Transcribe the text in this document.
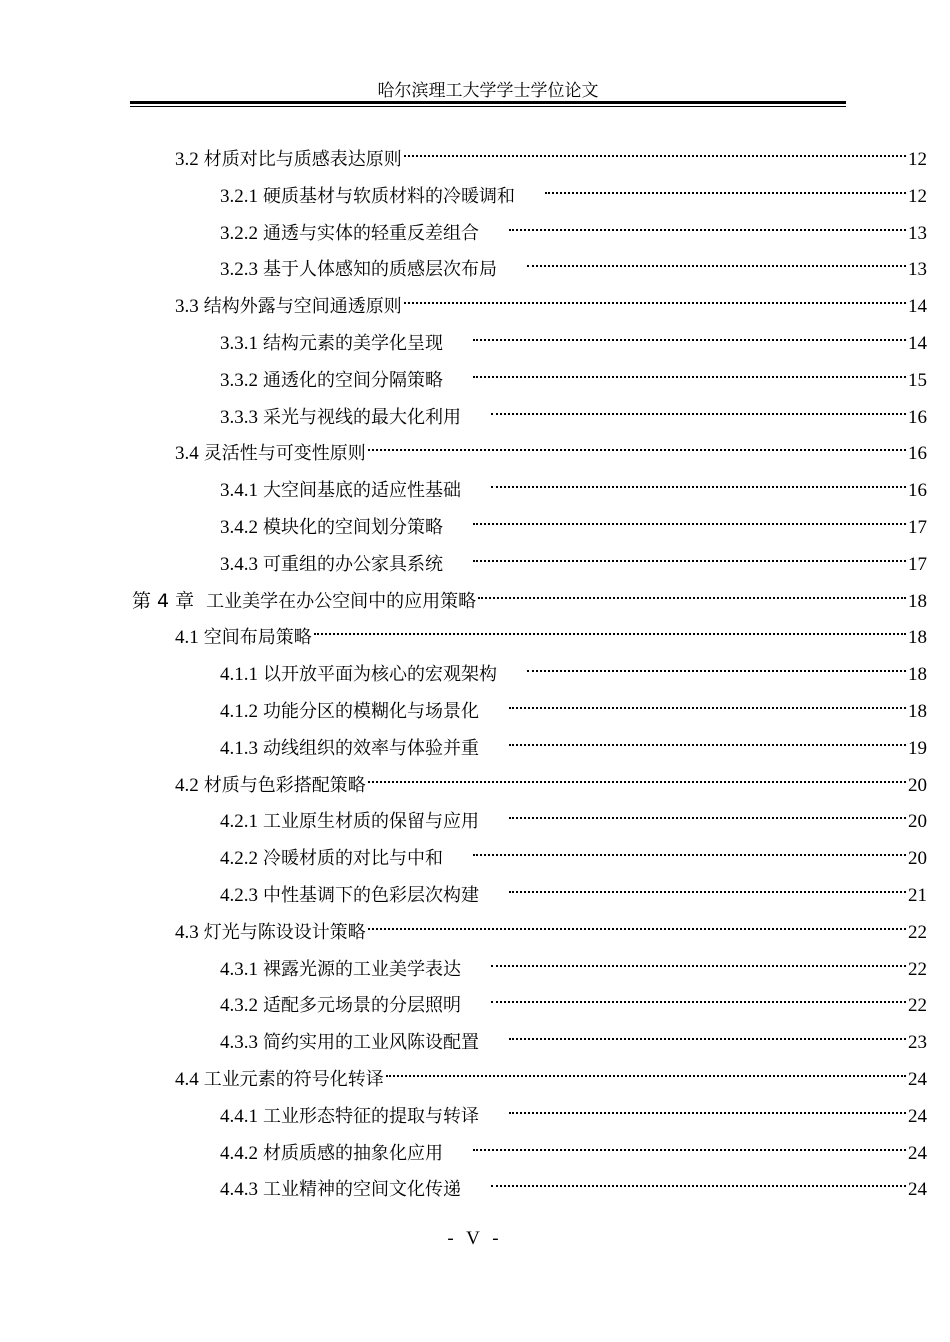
哈尔滨理工大学学士学位论文
3.2 材质对比与质感表达原则	12
3.2.1 硬质基材与软质材料的冷暖调和	12
3.2.2 通透与实体的轻重反差组合	13
3.2.3 基于人体感知的质感层次布局	13
3.3 结构外露与空间通透原则	14
3.3.1 结构元素的美学化呈现	14
3.3.2 通透化的空间分隔策略	15
3.3.3 采光与视线的最大化利用	16
3.4 灵活性与可变性原则	16
3.4.1 大空间基底的适应性基础	16
3.4.2 模块化的空间划分策略	17
3.4.3 可重组的办公家具系统	17
第 4 章 工业美学在办公空间中的应用策略	18
4.1 空间布局策略	18
4.1.1 以开放平面为核心的宏观架构	18
4.1.2 功能分区的模糊化与场景化	18
4.1.3 动线组织的效率与体验并重	19
4.2 材质与色彩搭配策略	20
4.2.1 工业原生材质的保留与应用	20
4.2.2 冷暖材质的对比与中和	20
4.2.3 中性基调下的色彩层次构建	21
4.3 灯光与陈设设计策略	22
4.3.1 裸露光源的工业美学表达	22
4.3.2 适配多元场景的分层照明	22
4.3.3 简约实用的工业风陈设配置	23
4.4 工业元素的符号化转译	24
4.4.1 工业形态特征的提取与转译	24
4.4.2 材质质感的抽象化应用	24
4.4.3 工业精神的空间文化传递	24
- V -
